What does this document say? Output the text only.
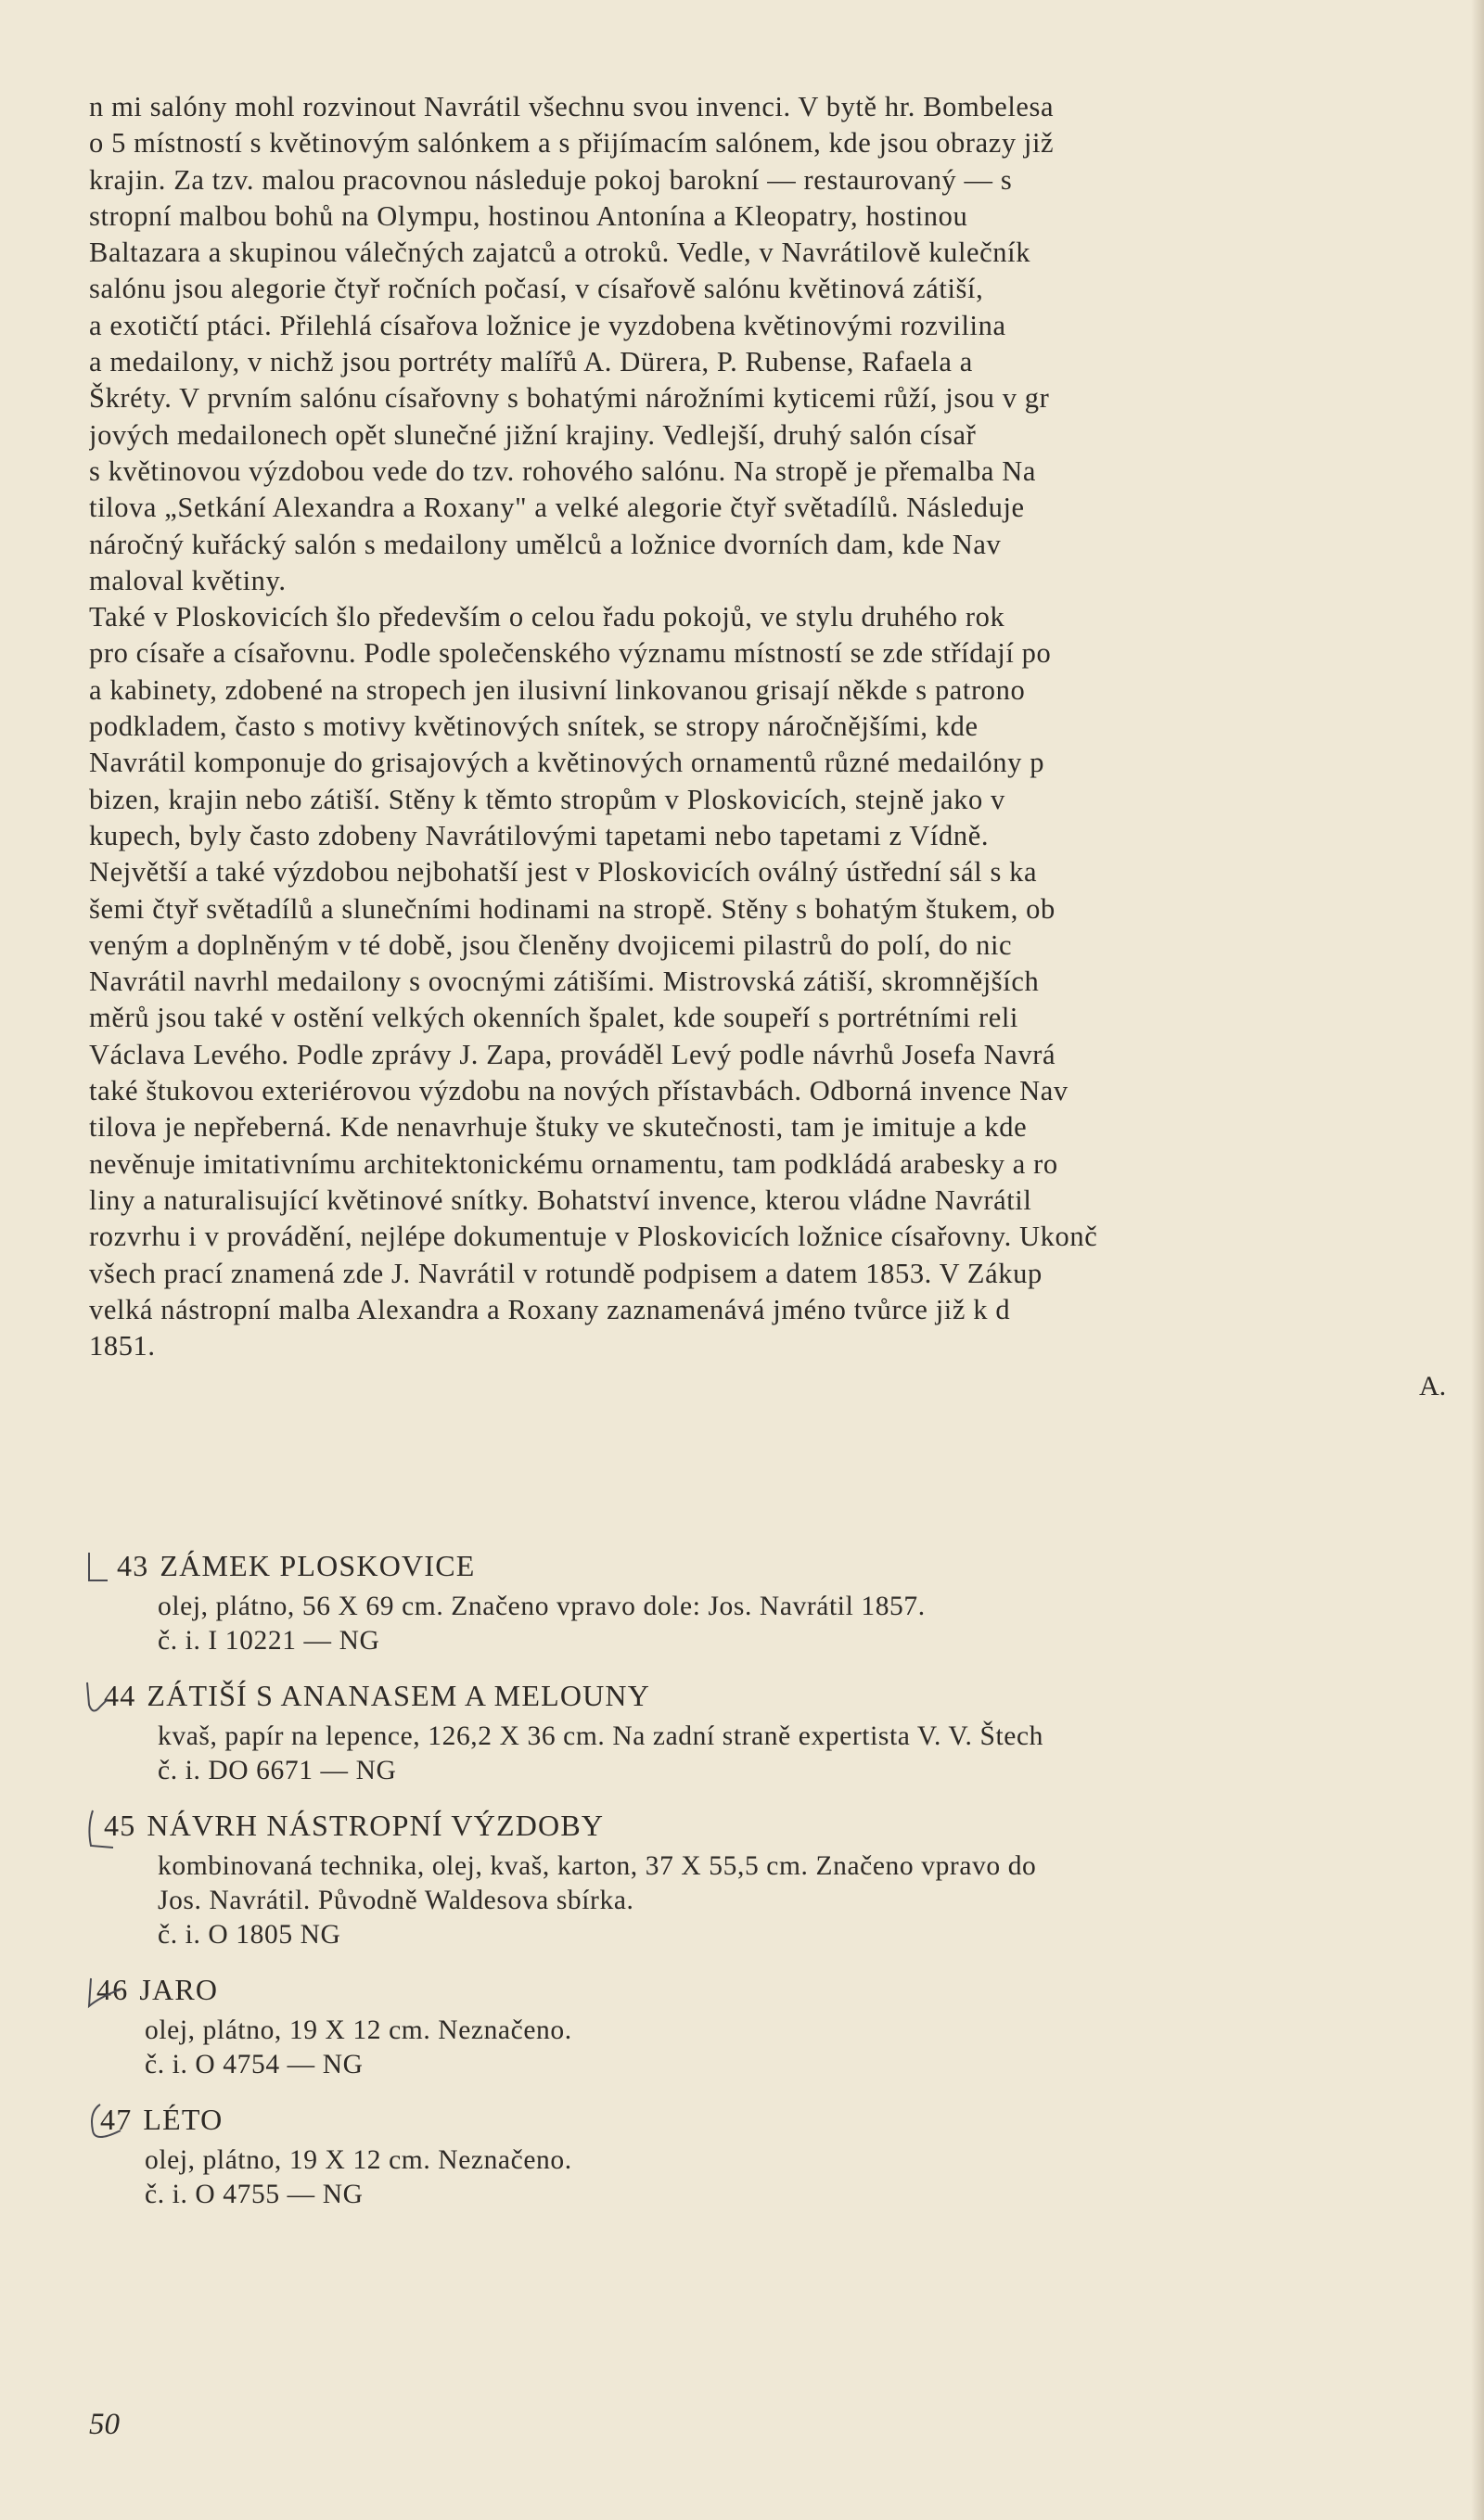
n mi salóny mohl rozvinout Navrátil všechnu svou invenci. V bytě hr. Bombelesa
o 5 místností s květinovým salónkem a s přijímacím salónem, kde jsou obrazy již
krajin. Za tzv. malou pracovnou následuje pokoj barokní — restaurovaný — s
stropní malbou bohů na Olympu, hostinou Antonína a Kleopatry, hostinou
Baltazara a skupinou válečných zajatců a otroků. Vedle, v Navrátilově kulečník
salónu jsou alegorie čtyř ročních počasí, v císařově salónu květinová zátiší,
a exotičtí ptáci. Přilehlá císařova ložnice je vyzdobena květinovými rozvilina
a medailony, v nichž jsou portréty malířů A. Dürera, P. Rubense, Rafaela a
Škréty. V prvním salónu císařovny s bohatými nárožními kyticemi růží, jsou v gr
jových medailonech opět slunečné jižní krajiny. Vedlejší, druhý salón císař
s květinovou výzdobou vede do tzv. rohového salónu. Na stropě je přemalba Na
tilova „Setkání Alexandra a Roxany" a velké alegorie čtyř světadílů. Následuje
náročný kuřácký salón s medailony umělců a ložnice dvorních dam, kde Nav
maloval květiny.
Také v Ploskovicích šlo především o celou řadu pokojů, ve stylu druhého rok
pro císaře a císařovnu. Podle společenského významu místností se zde střídají po
a kabinety, zdobené na stropech jen ilusivní linkovanou grisají někde s patrono
podkladem, často s motivy květinových snítek, se stropy náročnějšími, kde
Navrátil komponuje do grisajových a květinových ornamentů různé medailóny p
bizen, krajin nebo zátiší. Stěny k těmto stropům v Ploskovicích, stejně jako v
kupech, byly často zdobeny Navrátilovými tapetami nebo tapetami z Vídně.
Největší a také výzdobou nejbohatší jest v Ploskovicích oválný ústřední sál s ka
šemi čtyř světadílů a slunečními hodinami na stropě. Stěny s bohatým štukem, ob
veným a doplněným v té době, jsou členěny dvojicemi pilastrů do polí, do nic
Navrátil navrhl medailony s ovocnými zátišími. Mistrovská zátiší, skromnějších
měrů jsou také v ostění velkých okenních špalet, kde soupeří s portrétními reli
Václava Levého. Podle zprávy J. Zapa, prováděl Levý podle návrhů Josefa Navrá
také štukovou exteriérovou výzdobu na nových přístavbách. Odborná invence Nav
tilova je nepřeberná. Kde nenavrhuje štuky ve skutečnosti, tam je imituje a kde
nevěnuje imitativnímu architektonickému ornamentu, tam podkládá arabesky a ro
liny a naturalisující květinové snítky. Bohatství invence, kterou vládne Navrátil
rozvrhu i v provádění, nejlépe dokumentuje v Ploskovicích ložnice císařovny. Ukonč
všech prací znamená zde J. Navrátil v rotundě podpisem a datem 1853. V Zákup
velká nástropní malba Alexandra a Roxany zaznamenává jméno tvůrce již k d
1851.
A.
43 ZÁMEK PLOSKOVICE
olej, plátno, 56 X 69 cm. Značeno vpravo dole: Jos. Navrátil 1857.
č. i. I 10221 — NG
44 ZÁTIŠÍ S ANANASEM A MELOUNY
kvaš, papír na lepence, 126,2 X 36 cm. Na zadní straně expertista V. V. Štech
č. i. DO 6671 — NG
45 NÁVRH NÁSTROPNÍ VÝZDOBY
kombinovaná technika, olej, kvaš, karton, 37 X 55,5 cm. Značeno vpravo do
Jos. Navrátil. Původně Waldesova sbírka.
č. i. O 1805 NG
46 JARO
olej, plátno, 19 X 12 cm. Neznačeno.
č. i. O 4754 — NG
47 LÉTO
olej, plátno, 19 X 12 cm. Neznačeno.
č. i. O 4755 — NG
50
